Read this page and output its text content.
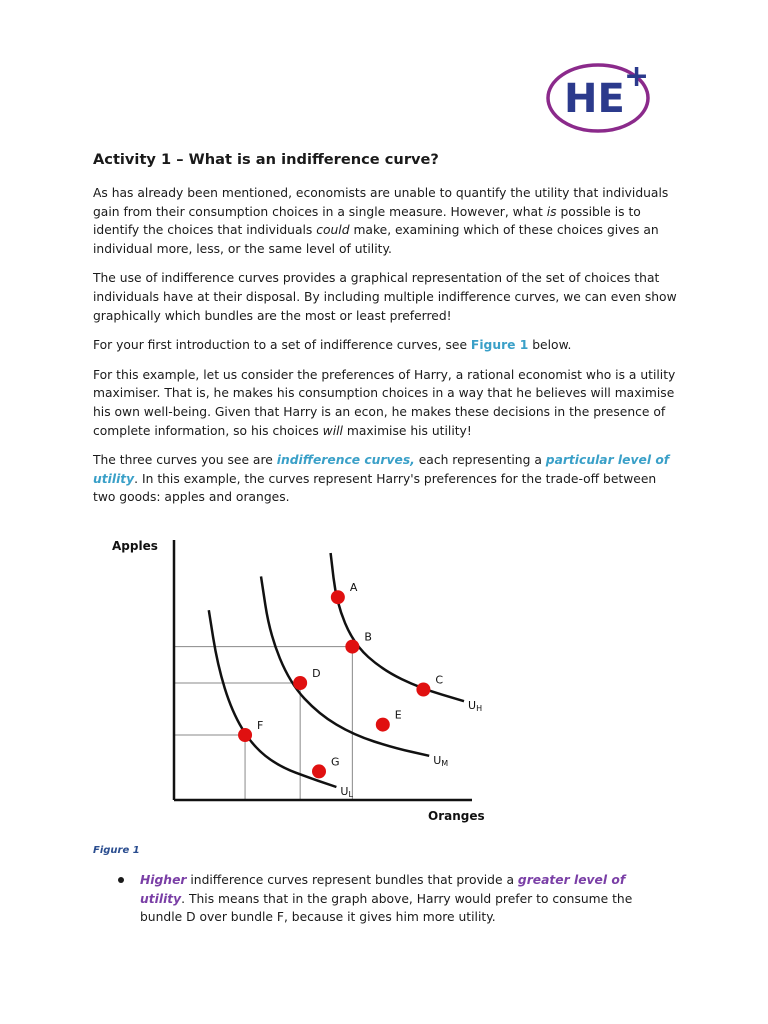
HE +
Activity 1 – What is an indifference curve?

As has already been mentioned, economists are unable to quantify the utility that individuals gain from their consumption choices in a single measure. However, what is possible is to identify the choices that individuals could make, examining which of these choices gives an individual more, less, or the same level of utility.

The use of indifference curves provides a graphical representation of the set of choices that individuals have at their disposal. By including multiple indifference curves, we can even show graphically which bundles are the most or least preferred!

For your first introduction to a set of indifference curves, see Figure 1 below.

For this example, let us consider the preferences of Harry, a rational economist who is a utility maximiser. That is, he makes his consumption choices in a way that he believes will maximise his own well-being. Given that Harry is an econ, he makes these decisions in the presence of complete information, so his choices will maximise his utility!

The three curves you see are indifference curves, each representing a particular level of utility. In this example, the curves represent Harry's preferences for the trade-off between two goods: apples and oranges.

Apples
Oranges
UL
UM
UH
A
B
C
D
E
F
G
Figure 1
Higher indifference curves represent bundles that provide a greater level of utility. This means that in the graph above, Harry would prefer to consume the bundle D over bundle F, because it gives him more utility.
